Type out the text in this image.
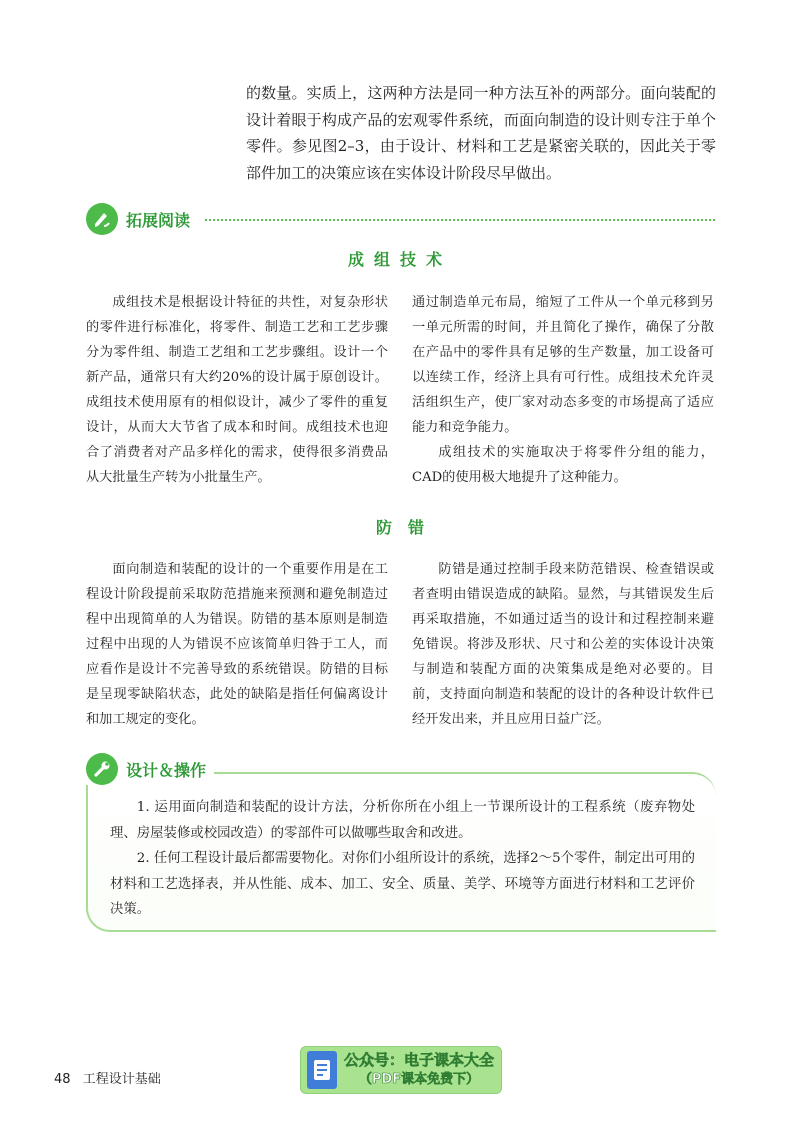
的数量。实质上，这两种方法是同一种方法互补的两部分。面向装配的设计着眼于构成产品的宏观零件系统，而面向制造的设计则专注于单个零件。参见图2–3，由于设计、材料和工艺是紧密关联的，因此关于零部件加工的决策应该在实体设计阶段尽早做出。
拓展阅读
成组技术

成组技术是根据设计特征的共性，对复杂形状的零件进行标准化，将零件、制造工艺和工艺步骤分为零件组、制造工艺组和工艺步骤组。设计一个新产品，通常只有大约20%的设计属于原创设计。成组技术使用原有的相似设计，减少了零件的重复设计，从而大大节省了成本和时间。成组技术也迎合了消费者对产品多样化的需求，使得很多消费品从大批量生产转为小批量生产。

通过制造单元布局，缩短了工件从一个单元移到另一单元所需的时间，并且简化了操作，确保了分散在产品中的零件具有足够的生产数量，加工设备可以连续工作，经济上具有可行性。成组技术允许灵活组织生产，使厂家对动态多变的市场提高了适应能力和竞争能力。

成组技术的实施取决于将零件分组的能力，CAD的使用极大地提升了这种能力。

防　错

面向制造和装配的设计的一个重要作用是在工程设计阶段提前采取防范措施来预测和避免制造过程中出现简单的人为错误。防错的基本原则是制造过程中出现的人为错误不应该简单归咎于工人，而应看作是设计不完善导致的系统错误。防错的目标是呈现零缺陷状态，此处的缺陷是指任何偏离设计和加工规定的变化。

防错是通过控制手段来防范错误、检查错误或者查明由错误造成的缺陷。显然，与其错误发生后再采取措施，不如通过适当的设计和过程控制来避免错误。将涉及形状、尺寸和公差的实体设计决策与制造和装配方面的决策集成是绝对必要的。目前，支持面向制造和装配的设计的各种设计软件已经开发出来，并且应用日益广泛。

设计＆操作

1. 运用面向制造和装配的设计方法，分析你所在小组上一节课所设计的工程系统（废弃物处理、房屋装修或校园改造）的零部件可以做哪些取舍和改进。

2. 任何工程设计最后都需要物化。对你们小组所设计的系统，选择2～5个零件，制定出可用的材料和工艺选择表，并从性能、成本、加工、安全、质量、美学、环境等方面进行材料和工艺评价决策。

48 工程设计基础
公众号：电子课本大全
（PDF课本免费下）
